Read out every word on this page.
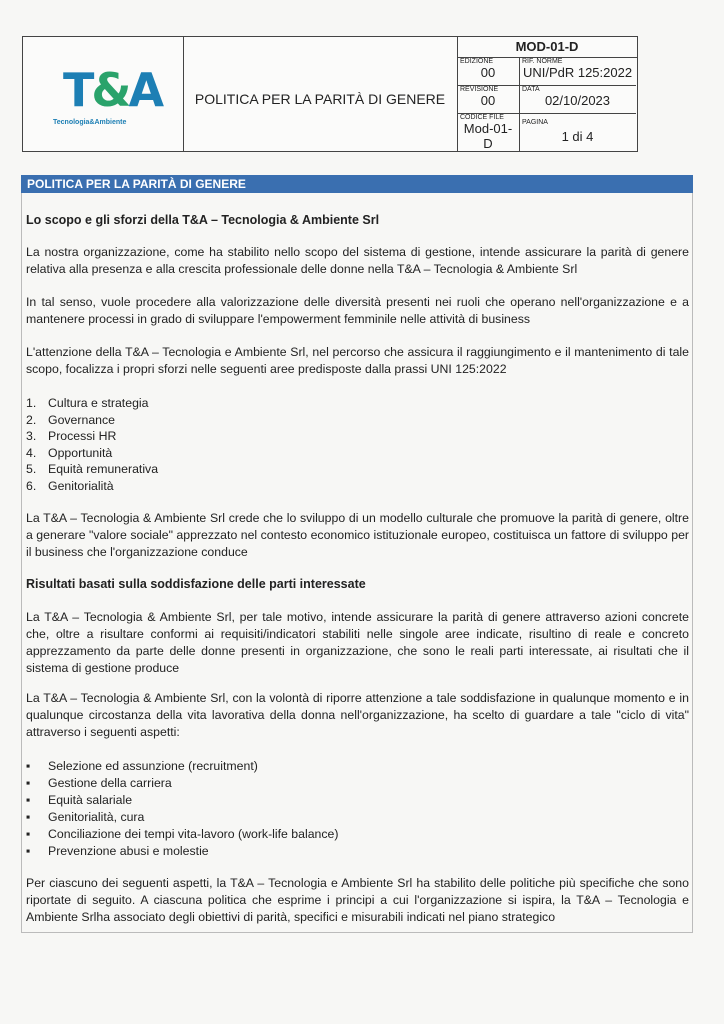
T&A
Tecnologia&Ambiente
POLITICA PER LA PARITÀ DI GENERE
MOD-01-D
EDIZIONE
00
RIF. NORME
UNI/PdR 125:2022
REVISIONE
00
DATA
02/10/2023
CODICE FILE
Mod-01-
D
PAGINA
1 di 4
POLITICA PER LA PARITÀ DI GENERE
Lo scopo e gli sforzi della T&A – Tecnologia & Ambiente Srl
La nostra organizzazione, come ha stabilito nello scopo del sistema di gestione, intende assicurare la parità di genere relativa alla presenza e alla crescita professionale delle donne nella T&A – Tecnologia & Ambiente Srl
In tal senso, vuole procedere alla valorizzazione delle diversità presenti nei ruoli che operano nell'organizzazione e a mantenere processi in grado di sviluppare l'empowerment femminile nelle attività di business
L'attenzione della T&A – Tecnologia e Ambiente Srl, nel percorso che assicura il raggiungimento e il mantenimento di tale scopo, focalizza i propri sforzi nelle seguenti aree predisposte dalla prassi UNI 125:2022
1. Cultura e strategia
2. Governance
3. Processi HR
4. Opportunità
5. Equità remunerativa
6. Genitorialità
La T&A – Tecnologia & Ambiente Srl crede che lo sviluppo di un modello culturale che promuove la parità di genere, oltre a generare "valore sociale" apprezzato nel contesto economico istituzionale europeo, costituisca un fattore di sviluppo per il business che l'organizzazione conduce
Risultati basati sulla soddisfazione delle parti interessate
La T&A – Tecnologia & Ambiente Srl, per tale motivo, intende assicurare la parità di genere attraverso azioni concrete che, oltre a risultare conformi ai requisiti/indicatori stabiliti nelle singole aree indicate, risultino di reale e concreto apprezzamento da parte delle donne presenti in organizzazione, che sono le reali parti interessate, ai risultati che il sistema di gestione produce
La T&A – Tecnologia & Ambiente Srl, con la volontà di riporre attenzione a tale soddisfazione in qualunque momento e in qualunque circostanza della vita lavorativa della donna nell'organizzazione, ha scelto di guardare a tale "ciclo di vita" attraverso i seguenti aspetti:
▪ Selezione ed assunzione (recruitment)
▪ Gestione della carriera
▪ Equità salariale
▪ Genitorialità, cura
▪ Conciliazione dei tempi vita-lavoro (work-life balance)
▪ Prevenzione abusi e molestie
Per ciascuno dei seguenti aspetti, la T&A – Tecnologia e Ambiente Srl ha stabilito delle politiche più specifiche che sono riportate di seguito. A ciascuna politica che esprime i principi a cui l'organizzazione si ispira, la T&A – Tecnologia e Ambiente Srlha associato degli obiettivi di parità, specifici e misurabili indicati nel piano strategico
